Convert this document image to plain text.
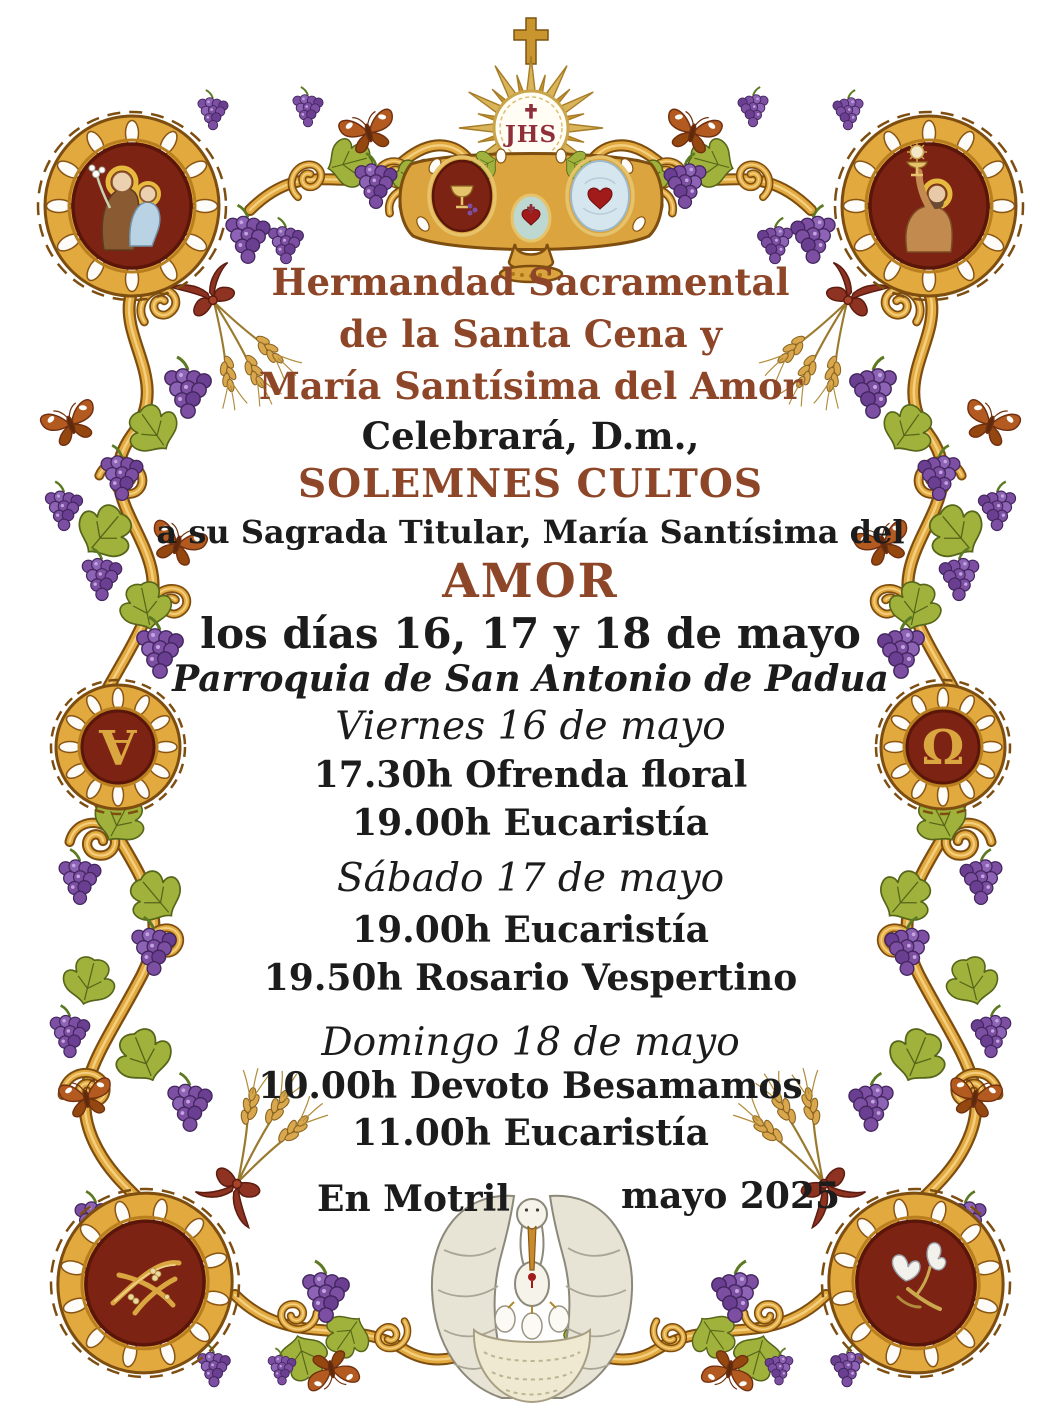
A	Ω
JHS
Hermandad Sacramental
de la Santa Cena y
María Santísima del Amor
Celebrará, D.m.,
SOLEMNES CULTOS
a su Sagrada Titular, María Santísima del
AMOR
los días 16, 17 y 18 de mayo
Parroquia de San Antonio de Padua
Viernes 16 de mayo
17.30h Ofrenda floral
19.00h Eucaristía
Sábado 17 de mayo
19.00h Eucaristía
19.50h Rosario Vespertino
Domingo 18 de mayo
10.00h Devoto Besamamos
11.00h Eucaristía
En Motril	mayo 2025
